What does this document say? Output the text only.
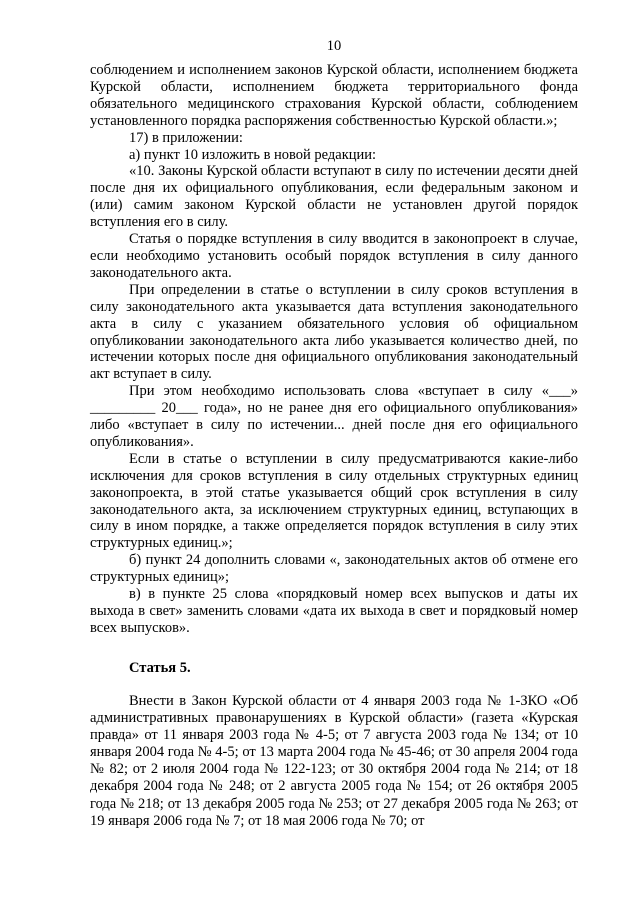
10

соблюдением и исполнением законов Курской области, исполнением бюджета Курской области, исполнением бюджета территориального фонда обязательного медицинского страхования Курской области, соблюдением установленного порядка распоряжения собственностью Курской области.»;

17) в приложении:

а) пункт 10 изложить в новой редакции:

«10. Законы Курской области вступают в силу по истечении десяти дней после дня их официального опубликования, если федеральным законом и (или) самим законом Курской области не установлен другой порядок вступления его в силу.

Статья о порядке вступления в силу вводится в законопроект в случае, если необходимо установить особый порядок вступления в силу данного законодательного акта.

При определении в статье о вступлении в силу сроков вступления в силу законодательного акта указывается дата вступления законодательного акта в силу с указанием обязательного условия об официальном опубликовании законодательного акта либо указывается количество дней, по истечении которых после дня официального опубликования законодательный акт вступает в силу.

При этом необходимо использовать слова «вступает в силу «___» _________ 20___ года», но не ранее дня его официального опубликования» либо «вступает в силу по истечении... дней после дня его официального опубликования».

Если в статье о вступлении в силу предусматриваются какие-либо исключения для сроков вступления в силу отдельных структурных единиц законопроекта, в этой статье указывается общий срок вступления в силу законодательного акта, за исключением структурных единиц, вступающих в силу в ином порядке, а также определяется порядок вступления в силу этих структурных единиц.»;

б) пункт 24 дополнить словами «, законодательных актов об отмене его структурных единиц»;

в) в пункте 25 слова «порядковый номер всех выпусков и даты их выхода в свет» заменить словами «дата их выхода в свет и порядковый номер всех выпусков».

Статья 5.

Внести в Закон Курской области от 4 января 2003 года № 1-ЗКО «Об административных правонарушениях в Курской области» (газета «Курская правда» от 11 января 2003 года № 4-5; от 7 августа 2003 года № 134; от 10 января 2004 года № 4-5; от 13 марта 2004 года № 45-46; от 30 апреля 2004 года № 82; от 2 июля 2004 года № 122-123; от 30 октября 2004 года № 214; от 18 декабря 2004 года № 248; от 2 августа 2005 года № 154; от 26 октября 2005 года № 218; от 13 декабря 2005 года № 253; от 27 декабря 2005 года № 263; от 19 января 2006 года № 7; от 18 мая 2006 года № 70; от
